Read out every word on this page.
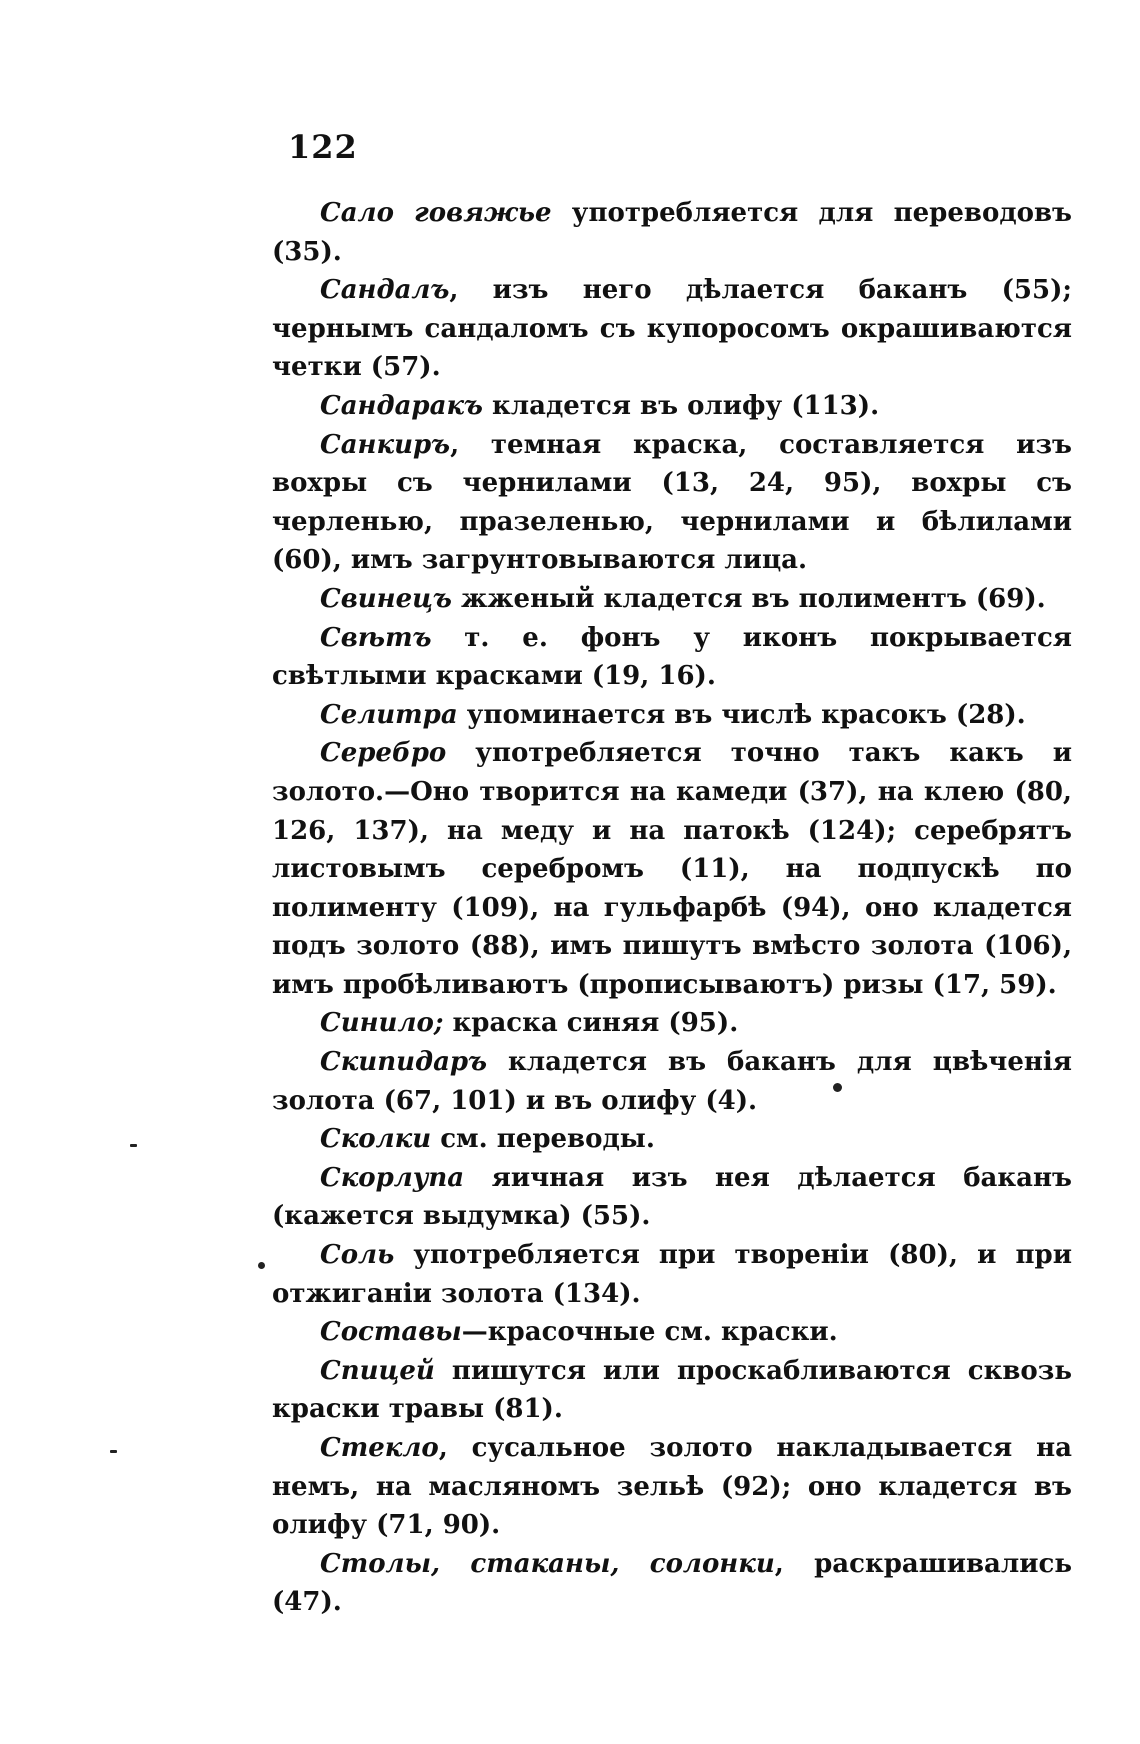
122

Сало говяжье употребляется для переводовъ (35).

Сандалъ, изъ него дѣлается баканъ (55); чернымъ сандаломъ съ купоросомъ окрашиваются четки (57).

Сандаракъ кладется въ олифу (113).

Санкиръ, темная краска, составляется изъ вохры съ чернилами (13, 24, 95), вохры съ черленью, празеленью, чернилами и бѣлилами (60), имъ загрунтовываются лица.

Свинецъ жженый кладется въ полиментъ (69).

Свѣтъ т. е. фонъ у иконъ покрывается свѣтлыми красками (19, 16).

Селитра упоминается въ числѣ красокъ (28).

Серебро употребляется точно такъ какъ и золото.—Оно творится на камеди (37), на клею (80, 126, 137), на меду и на патокѣ (124); серебрятъ листовымъ серебромъ (11), на подпускѣ по полименту (109), на гульфарбѣ (94), оно кладется подъ золото (88), имъ пишутъ вмѣсто золота (106), имъ пробѣливаютъ (прописываютъ) ризы (17, 59).

Синило; краска синяя (95).

Скипидаръ кладется въ баканъ для цвѣченія золота (67, 101) и въ олифу (4).

Сколки см. переводы.

Скорлупа яичная изъ нея дѣлается баканъ (кажется выдумка) (55).

Соль употребляется при твореніи (80), и при отжиганіи золота (134).

Составы—красочные см. краски.

Спицей пишутся или проскабливаются сквозь краски травы (81).

Стекло, сусальное золото накладывается на немъ, на масляномъ зельѣ (92); оно кладется въ олифу (71, 90).

Столы, стаканы, солонки, раскрашивались (47).
